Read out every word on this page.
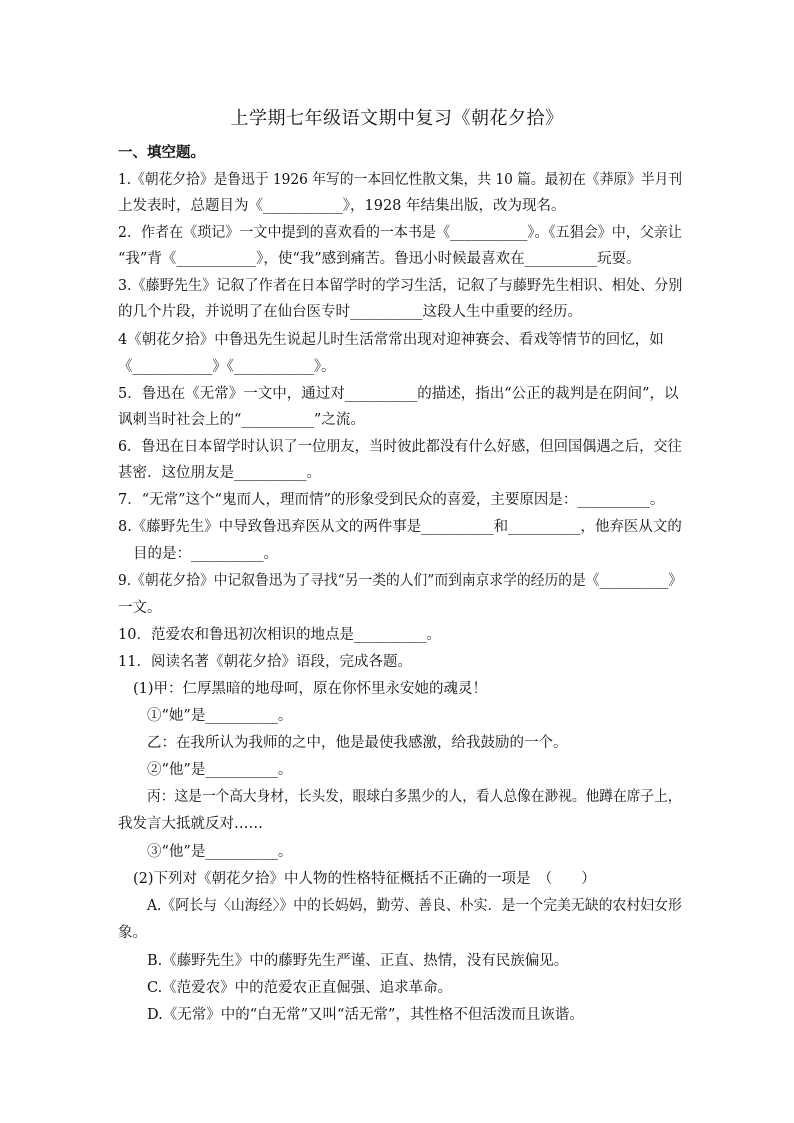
上学期七年级语文期中复习《朝花夕拾》
一、填空题。
1.《朝花夕拾》是鲁迅于 1926 年写的一本回忆性散文集，共 10 篇。最初在《莽原》半月刊
上发表时，总题目为《___________》，1928 年结集出版，改为现名。
2．作者在《琐记》一文中提到的喜欢看的一本书是《___________》。《五猖会》中，父亲让
“我”背《___________》，使“我”感到痛苦。鲁迅小时候最喜欢在__________玩耍。
3.《藤野先生》记叙了作者在日本留学时的学习生活，记叙了与藤野先生相识、相处、分别
的几个片段，并说明了在仙台医专时__________这段人生中重要的经历。
4《朝花夕拾》中鲁迅先生说起儿时生活常常出现对迎神赛会、看戏等情节的回忆，如
《___________》《___________》。
5．鲁迅在《无常》一文中，通过对__________的描述，指出“公正的裁判是在阴间”，以
讽刺当时社会上的“__________”之流。
6．鲁迅在日本留学时认识了一位朋友，当时彼此都没有什么好感，但回国偶遇之后，交往
甚密．这位朋友是__________。
7．“无常”这个“鬼而人，理而情”的形象受到民众的喜爱，主要原因是：__________。
8.《藤野先生》中导致鲁迅弃医从文的两件事是__________和__________，他弃医从文的
目的是：__________。
9.《朝花夕拾》中记叙鲁迅为了寻找“另一类的人们”而到南京求学的经历的是《__________》
一文。
10．范爱农和鲁迅初次相识的地点是__________。
11．阅读名著《朝花夕拾》语段，完成各题。
(1)甲：仁厚黑暗的地母呵，原在你怀里永安她的魂灵！
①“她”是__________。
乙：在我所认为我师的之中，他是最使我感激，给我鼓励的一个。
②“他”是__________。
丙：这是一个高大身材，长头发，眼球白多黑少的人，看人总像在渺视。他蹲在席子上，
我发言大抵就反对……
③“他”是__________。
(2)下列对《朝花夕拾》中人物的性格特征概括不正确的一项是　（　　）
A.《阿长与〈山海经〉》中的长妈妈，勤劳、善良、朴实．是一个完美无缺的农村妇女形
象。
B.《藤野先生》中的藤野先生严谨、正直、热情，没有民族偏见。
C.《范爱农》中的范爱农正直倔强、追求革命。
D.《无常》中的“白无常”又叫“活无常”，其性格不但活泼而且诙谐。
